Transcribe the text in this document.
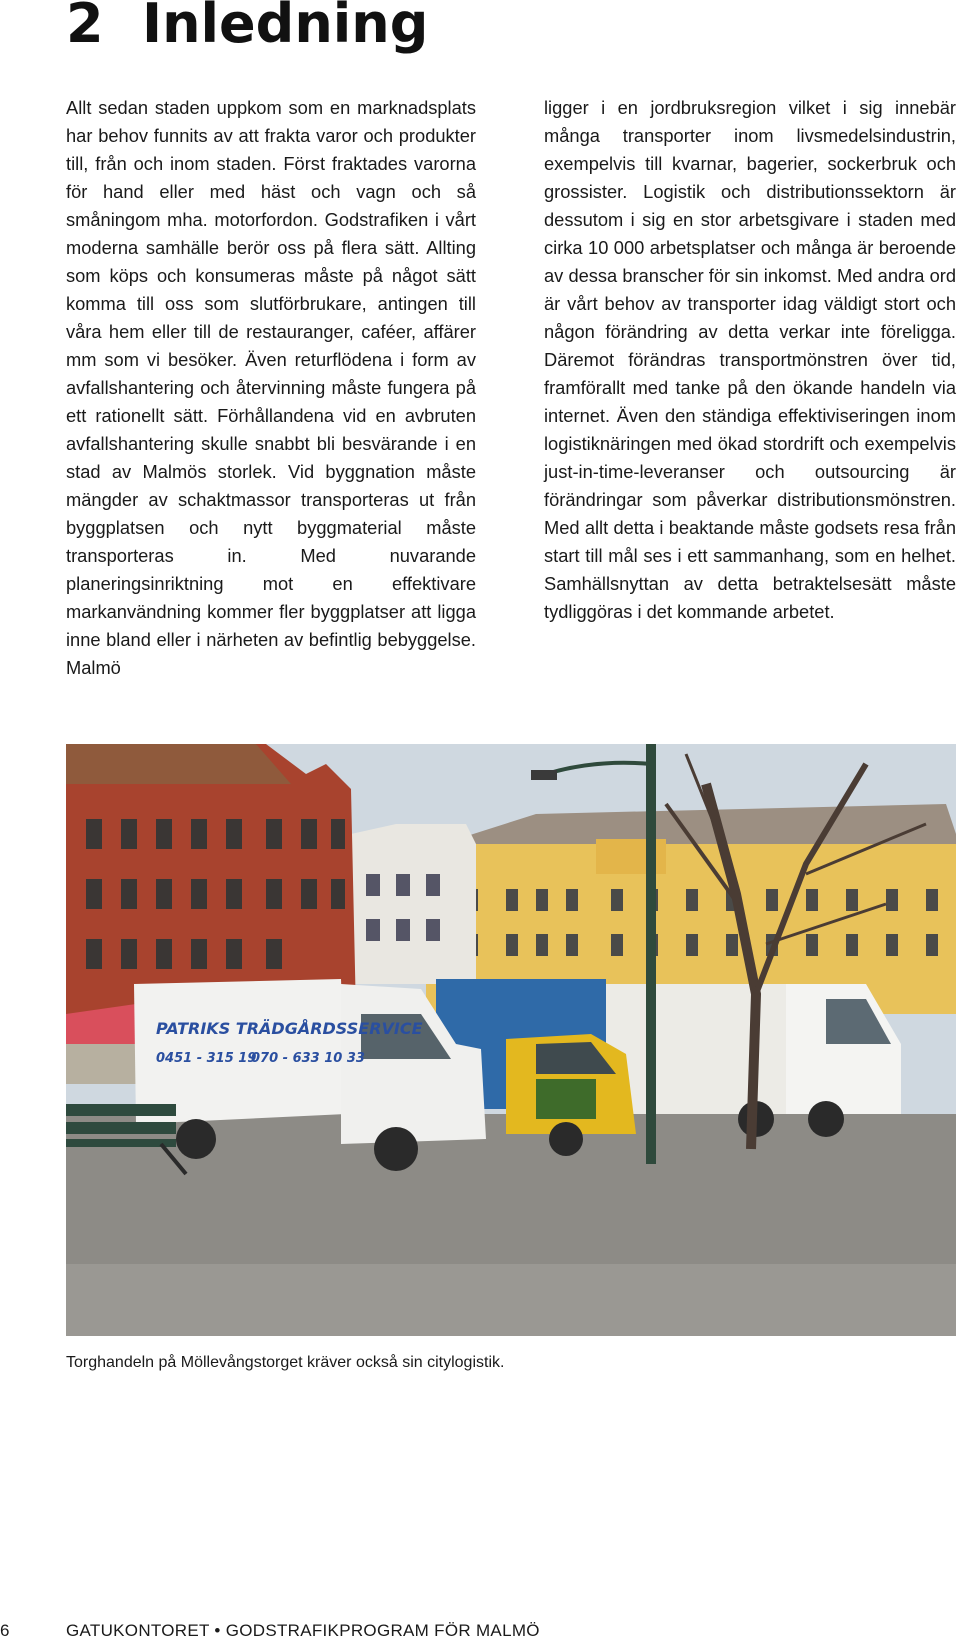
2 Inledning

Allt sedan staden uppkom som en marknadsplats har behov funnits av att frakta varor och produkter till, från och inom staden. Först fraktades varorna för hand eller med häst och vagn och så småningom mha. motorfordon. Godstrafiken i vårt moderna samhälle berör oss på flera sätt. Allting som köps och konsumeras måste på något sätt komma till oss som slutförbrukare, antingen till våra hem eller till de restauranger, caféer, affärer mm som vi besöker. Även returflödena i form av avfallshantering och återvinning måste fungera på ett rationellt sätt. Förhållandena vid en avbruten avfallshantering skulle snabbt bli besvärande i en stad av Malmös storlek. Vid byggnation måste mängder av schaktmassor transporteras ut från byggplatsen och nytt byggmaterial måste transporteras in. Med nuvarande planeringsinriktning mot en effektivare markanvändning kommer fler byggplatser att ligga inne bland eller i närheten av befintlig bebyggelse. Malmö

ligger i en jordbruksregion vilket i sig innebär många transporter inom livsmedelsindustrin, exempelvis till kvarnar, bagerier, sockerbruk och grossister. Logistik och distributionssektorn är dessutom i sig en stor arbetsgivare i staden med cirka 10 000 arbetsplatser och många är beroende av dessa branscher för sin inkomst. Med andra ord är vårt behov av transporter idag väldigt stort och någon förändring av detta verkar inte föreligga. Däremot förändras transportmönstren över tid, framförallt med tanke på den ökande handeln via internet. Även den ständiga effektiviseringen inom logistiknäringen med ökad stordrift och exempelvis just-in-time-leveranser och outsourcing är förändringar som påverkar distributionsmönstren. Med allt detta i beaktande måste godsets resa från start till mål ses i ett sammanhang, som en helhet. Samhällsnyttan av detta betraktelsesätt måste tydliggöras i det kommande arbetet.

PATRIKS TRÄDGÅRDSSERVICE
0451 - 315 19
070 - 633 10 33

Torghandeln på Möllevångstorget kräver också sin citylogistik.

6	GATUKONTORET • GODSTRAFIKPROGRAM FÖR MALMÖ
